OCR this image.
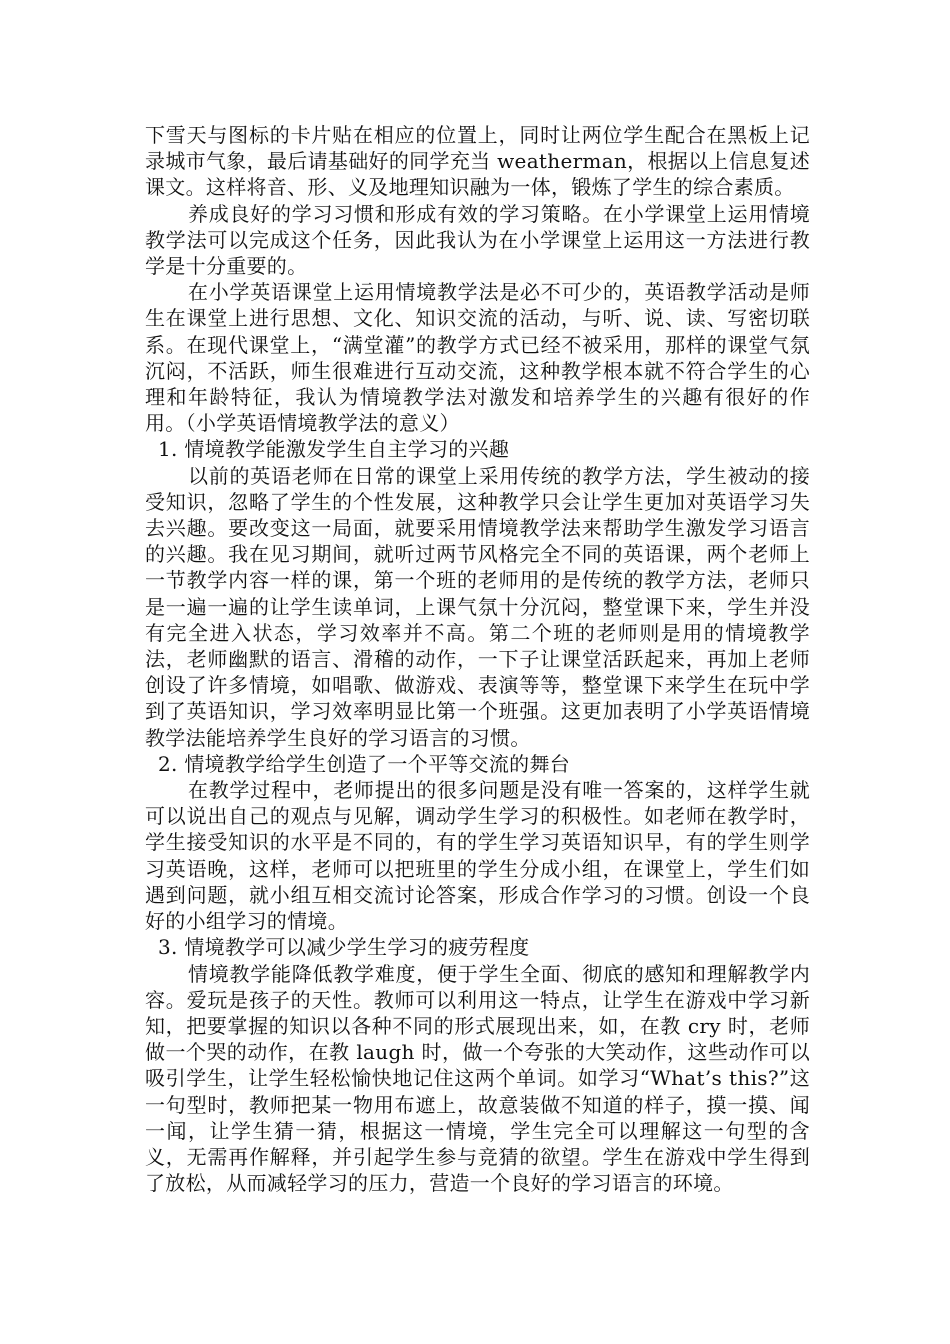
下雪天与图标的卡片贴在相应的位置上，同时让两位学生配合在黑板上记录城市气象，最后请基础好的同学充当 weatherman，根据以上信息复述课文。这样将音、形、义及地理知识融为一体，锻炼了学生的综合素质。

养成良好的学习习惯和形成有效的学习策略。在小学课堂上运用情境教学法可以完成这个任务，因此我认为在小学课堂上运用这一方法进行教学是十分重要的。

在小学英语课堂上运用情境教学法是必不可少的，英语教学活动是师生在课堂上进行思想、文化、知识交流的活动，与听、说、读、写密切联系。在现代课堂上，“满堂灌”的教学方式已经不被采用，那样的课堂气氛沉闷，不活跃，师生很难进行互动交流，这种教学根本就不符合学生的心理和年龄特征，我认为情境教学法对激发和培养学生的兴趣有很好的作用。（小学英语情境教学法的意义）

1. 情境教学能激发学生自主学习的兴趣

以前的英语老师在日常的课堂上采用传统的教学方法，学生被动的接受知识，忽略了学生的个性发展，这种教学只会让学生更加对英语学习失去兴趣。要改变这一局面，就要采用情境教学法来帮助学生激发学习语言的兴趣。我在见习期间，就听过两节风格完全不同的英语课，两个老师上一节教学内容一样的课，第一个班的老师用的是传统的教学方法，老师只 是一遍一遍的让学生读单词，上课气氛十分沉闷，整堂课下来，学生并没有完全进入状态，学习效率并不高。第二个班的老师则是用的情境教学法，老师幽默的语言、滑稽的动作，一下子让课堂活跃起来，再加上老师创设了许多情境，如唱歌、做游戏、表演等等，整堂课下来学生在玩中学到了英语知识，学习效率明显比第一个班强。这更加表明了小学英语情境教学法能培养学生良好的学习语言的习惯。

2. 情境教学给学生创造了一个平等交流的舞台

在教学过程中，老师提出的很多问题是没有唯一答案的，这样学生就可以说出自己的观点与见解，调动学生学习的积极性。如老师在教学时，学生接受知识的水平是不同的，有的学生学习英语知识早，有的学生则学习英语晚，这样，老师可以把班里的学生分成小组，在课堂上，学生们如遇到问题，就小组互相交流讨论答案，形成合作学习的习惯。创设一个良好的小组学习的情境。

3. 情境教学可以减少学生学习的疲劳程度

情境教学能降低教学难度，便于学生全面、彻底的感知和理解教学内容。爱玩是孩子的天性。教师可以利用这一特点，让学生在游戏中学习新知，把要掌握的知识以各种不同的形式展现出来，如，在教 cry 时，老师做一个哭的动作，在教 laugh 时，做一个夸张的大笑动作，这些动作可以吸引学生，让学生轻松愉快地记住这两个单词。如学习“What’s this?”这一句型时，教师把某一物用布遮上，故意装做不知道的样子，摸一摸、闻一闻，让学生猜一猜，根据这一情境，学生完全可以理解这一句型的含义，无需再作解释，并引起学生参与竞猜的欲望。学生在游戏中学生得到了放松，从而减轻学习的压力，营造一个良好的学习语言的环境。
